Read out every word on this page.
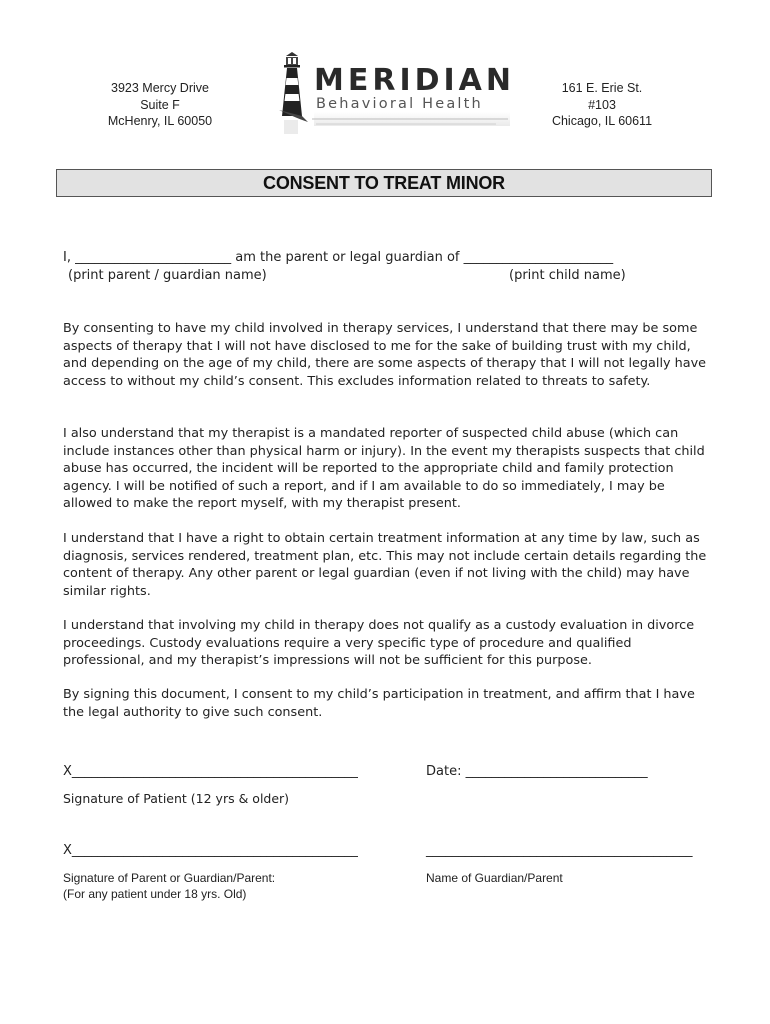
3923 Mercy Drive
Suite F
McHenry, IL 60050
MERIDIAN
Behavioral Health
161 E. Erie St.
#103
Chicago, IL 60611
CONSENT TO TREAT MINOR
I, ________________________ am the parent or legal guardian of _______________________
(print parent / guardian name)	(print child name)

By consenting to have my child involved in therapy services, I understand that there may be some aspects of therapy that I will not have disclosed to me for the sake of building trust with my child, and depending on the age of my child, there are some aspects of therapy that I will not legally have access to without my child’s consent. This excludes information related to threats to safety.

I also understand that my therapist is a mandated reporter of suspected child abuse (which can include instances other than physical harm or injury). In the event my therapists suspects that child abuse has occurred, the incident will be reported to the appropriate child and family protection agency. I will be notified of such a report, and if I am available to do so immediately, I may be allowed to make the report myself, with my therapist present.

I understand that I have a right to obtain certain treatment information at any time by law, such as diagnosis, services rendered, treatment plan, etc. This may not include certain details regarding the content of therapy. Any other parent or legal guardian (even if not living with the child) may have similar rights.

I understand that involving my child in therapy does not qualify as a custody evaluation in divorce proceedings. Custody evaluations require a very specific type of procedure and qualified professional, and my therapist’s impressions will not be sufficient for this purpose.

By signing this document, I consent to my child’s participation in treatment, and affirm that I have the legal authority to give such consent.

X____________________________________________	Date: ____________________________
Signature of Patient (12 yrs & older)
X____________________________________________	_________________________________________
Signature of Parent or Guardian/Parent:
(For any patient under 18 yrs. Old)
Name of Guardian/Parent
